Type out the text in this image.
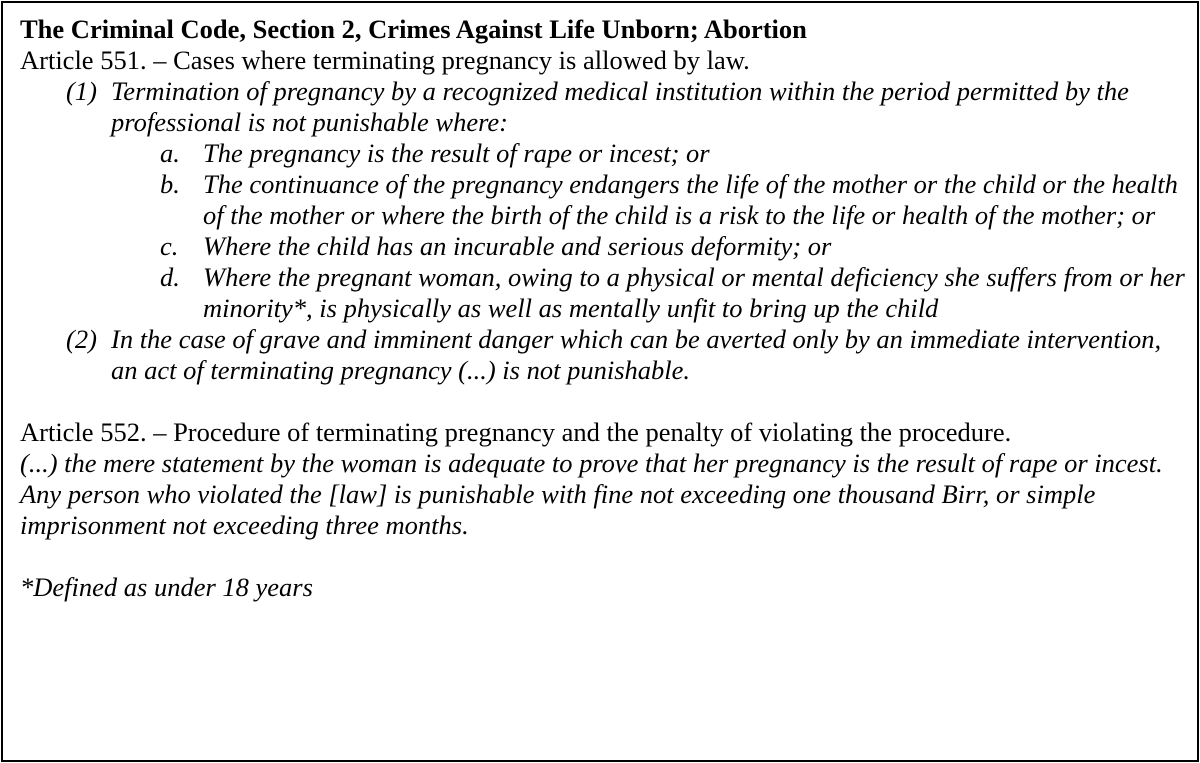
The Criminal Code, Section 2, Crimes Against Life Unborn; Abortion

Article 551. – Cases where terminating pregnancy is allowed by law.

(1) Termination of pregnancy by a recognized medical institution within the period permitted by the professional is not punishable where:
a. The pregnancy is the result of rape or incest; or
b. The continuance of the pregnancy endangers the life of the mother or the child or the health of the mother or where the birth of the child is a risk to the life or health of the mother; or
c. Where the child has an incurable and serious deformity; or
d. Where the pregnant woman, owing to a physical or mental deficiency she suffers from or her minority*, is physically as well as mentally unfit to bring up the child
(2) In the case of grave and imminent danger which can be averted only by an immediate intervention, an act of terminating pregnancy (...) is not punishable.

Article 552. – Procedure of terminating pregnancy and the penalty of violating the procedure.

(...) the mere statement by the woman is adequate to prove that her pregnancy is the result of rape or incest. Any person who violated the [law] is punishable with fine not exceeding one thousand Birr, or simple imprisonment not exceeding three months.

*Defined as under 18 years
